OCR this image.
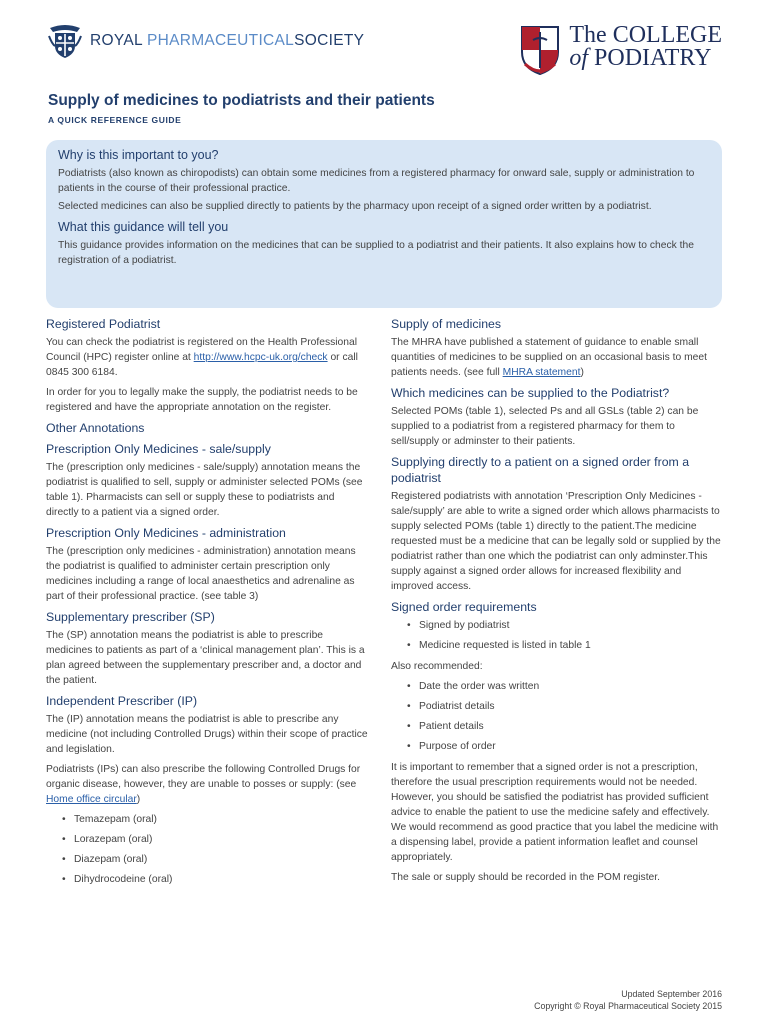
ROYAL PHARMACEUTICALSOCIETY	The COLLEGE
of PODIATRY
Supply of medicines to podiatrists and their patients
A QUICK REFERENCE GUIDE
Why is this important to you?

Podiatrists (also known as chiropodists) can obtain some medicines from a registered pharmacy for onward sale, supply or administration to patients in the course of their professional practice.

Selected medicines can also be supplied directly to patients by the pharmacy upon receipt of a signed order written by a podiatrist.

What this guidance will tell you

This guidance provides information on the medicines that can be supplied to a podiatrist and their patients. It also explains how to check the registration of a podiatrist.

Registered Podiatrist

You can check the podiatrist is registered on the Health Professional Council (HPC) register online at http://www.hcpc-uk.org/check or call 0845 300 6184.

In order for you to legally make the supply, the podiatrist needs to be registered and have the appropriate annotation on the register.

Other Annotations
Prescription Only Medicines - sale/supply

The (prescription only medicines - sale/supply) annotation means the podiatrist is qualified to sell, supply or administer selected POMs (see table 1). Pharmacists can sell or supply these to podiatrists and directly to a patient via a signed order.

Prescription Only Medicines - administration

The (prescription only medicines - administration) annotation means the podiatrist is qualified to administer certain prescription only medicines including a range of local anaesthetics and adrenaline as part of their professional practice. (see table 3)

Supplementary prescriber (SP)

The (SP) annotation means the podiatrist is able to prescribe medicines to patients as part of a ‘clinical management plan’. This is a plan agreed between the supplementary prescriber and, a doctor and the patient.

Independent Prescriber (IP)

The (IP) annotation means the podiatrist is able to prescribe any medicine (not including Controlled Drugs) within their scope of practice and legislation.

Podiatrists (IPs) can also prescribe the following Controlled Drugs for organic disease, however, they are unable to posses or supply: (see Home office circular)

• Temazepam (oral)
• Lorazepam (oral)
• Diazepam (oral)
• Dihydrocodeine (oral)
Supply of medicines

The MHRA have published a statement of guidance to enable small quantities of medicines to be supplied on an occasional basis to meet patients needs. (see full MHRA statement)

Which medicines can be supplied to the Podiatrist?

Selected POMs (table 1), selected Ps and all GSLs (table 2) can be supplied to a podiatrist from a registered pharmacy for them to sell/supply or adminster to their patients.

Supplying directly to a patient on a signed order from a podiatrist

Registered podiatrists with annotation ‘Prescription Only Medicines - sale/supply’ are able to write a signed order which allows pharmacists to supply selected POMs (table 1) directly to the patient.The medicine requested must be a medicine that can be legally sold or supplied by the podiatrist rather than one which the podiatrist can only adminster.This supply against a signed order allows for increased flexibility and improved access.

Signed order requirements
• Signed by podiatrist
• Medicine requested is listed in table 1

Also recommended:

• Date the order was written
• Podiatrist details
• Patient details
• Purpose of order

It is important to remember that a signed order is not a prescription, therefore the usual prescription requirements would not be needed. However, you should be satisfied the podiatrist has provided sufficient advice to enable the patient to use the medicine safely and effectively. We would recommend as good practice that you label the medicine with a dispensing label, provide a patient information leaflet and counsel appropriately.

The sale or supply should be recorded in the POM register.

Updated September 2016
Copyright © Royal Pharmaceutical Society 2015
